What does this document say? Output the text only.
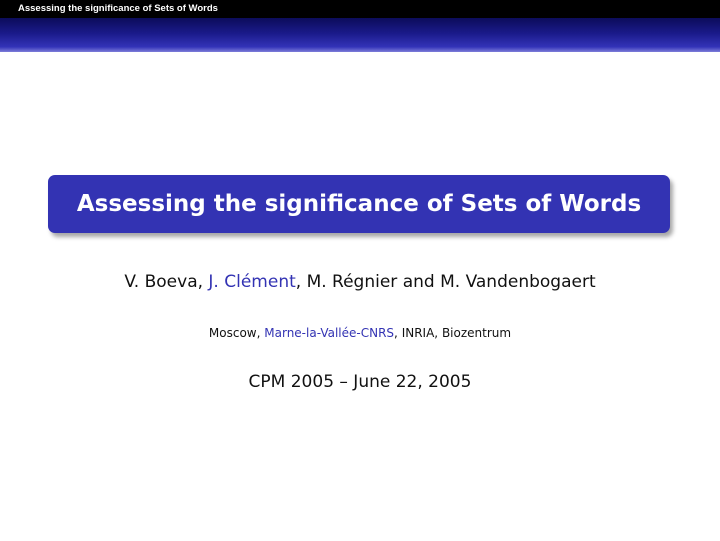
Assessing the significance of Sets of Words
Assessing the significance of Sets of Words
V. Boeva, J. Clément, M. Régnier and M. Vandenbogaert
Moscow, Marne-la-Vallée-CNRS, INRIA, Biozentrum
CPM 2005 – June 22, 2005
